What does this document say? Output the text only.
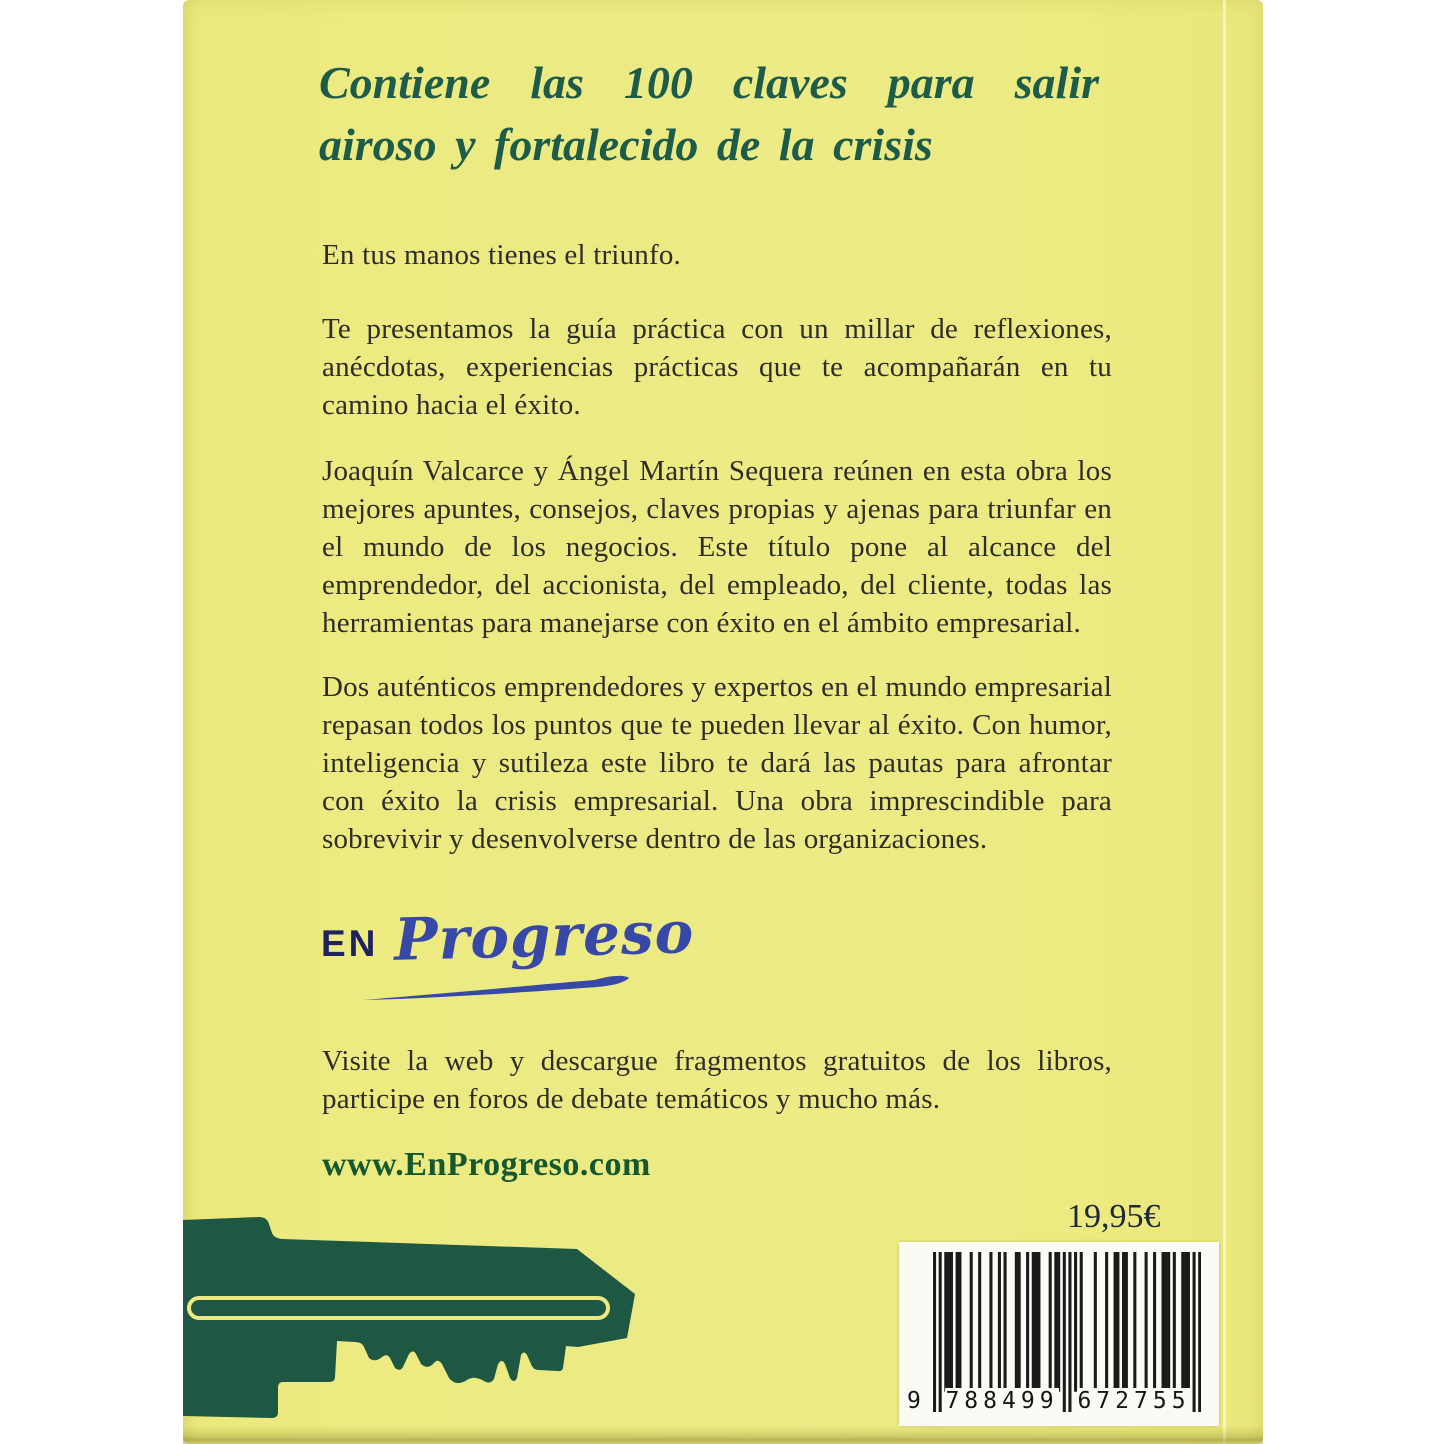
Contiene las 100 claves para salir
airoso y fortalecido de la crisis

En tus manos tienes el triunfo.

Te presentamos la guía práctica con un millar de reflexiones, anécdotas, experiencias prácticas que te acompañarán en tu camino hacia el éxito.

Joaquín Valcarce y Ángel Martín Sequera reúnen en esta obra los mejores apuntes, consejos, claves propias y ajenas para triunfar en el mundo de los negocios. Este título pone al alcance del emprendedor, del accionista, del empleado, del cliente, todas las herramientas para manejarse con éxito en el ámbito empresarial.

Dos auténticos emprendedores y expertos en el mundo empresarial repasan todos los puntos que te pueden llevar al éxito. Con humor, inteligencia y sutileza este libro te dará las pautas para afrontar con éxito la crisis empresarial. Una obra imprescindible para sobrevivir y desenvolverse dentro de las organizaciones.

EN Progreso

Visite la web y descargue fragmentos gratuitos de los libros, participe en foros de debate temáticos y mucho más.

www.EnProgreso.com
19,95€
9 788499 672755
